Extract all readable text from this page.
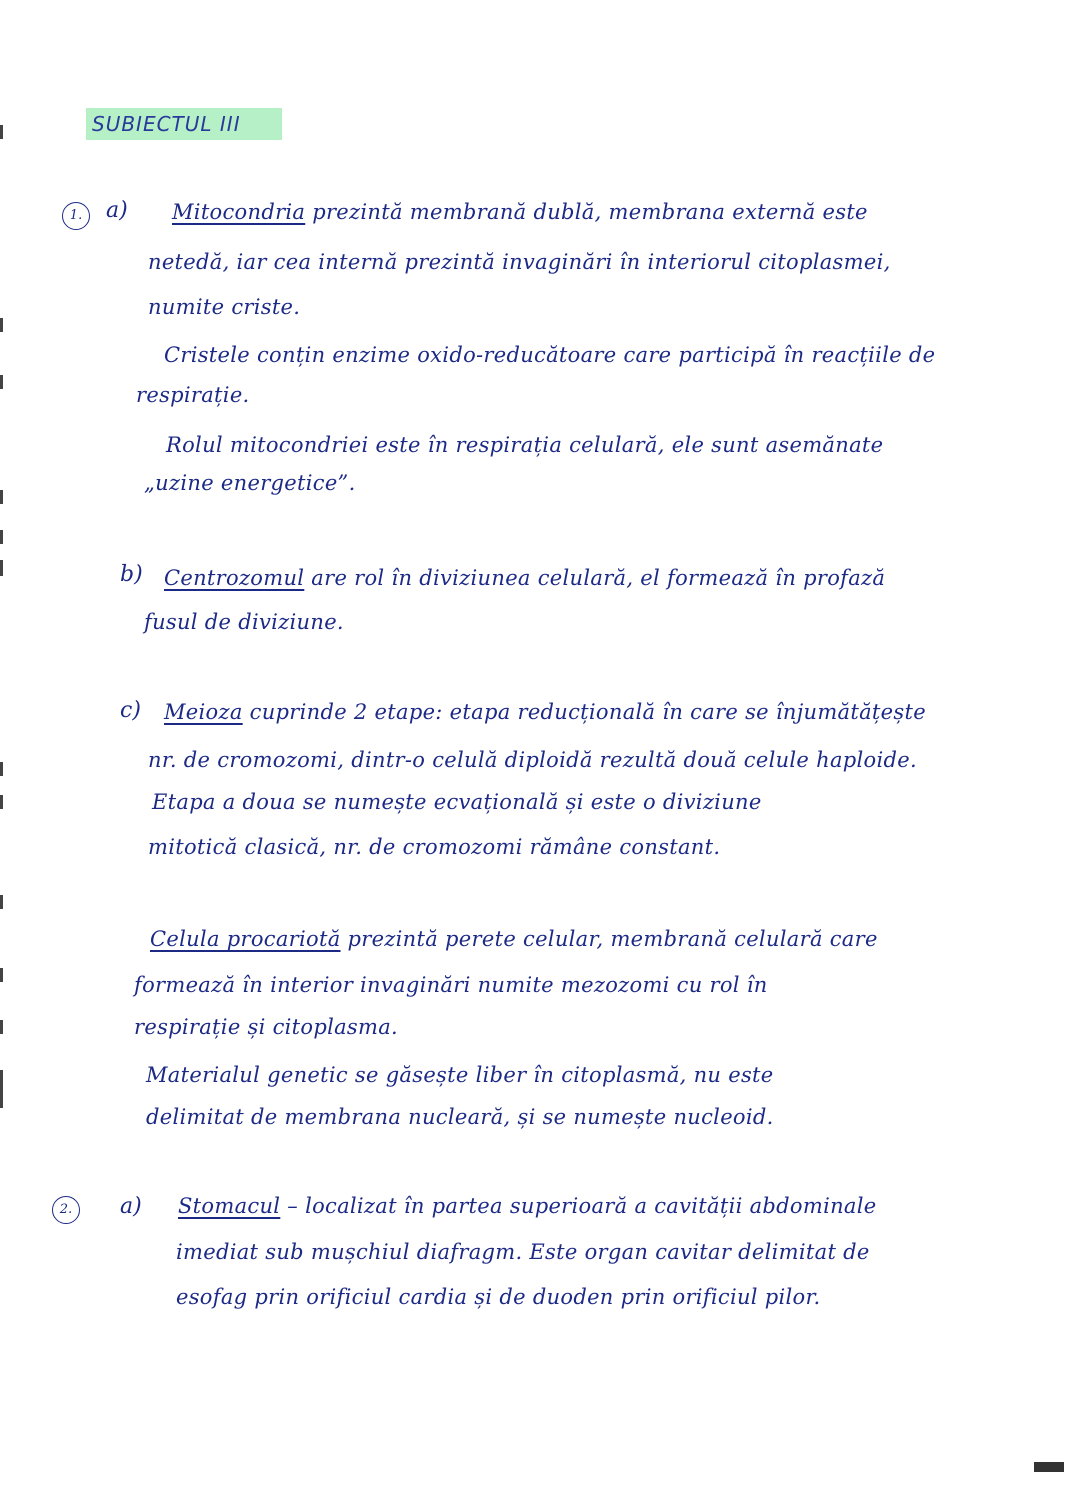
SUBIECTUL III
1.	a) Mitocondria prezintă membrană dublă, membrana externă este
netedă, iar cea internă prezintă invaginări în interiorul citoplasmei,
numite criste.
Cristele conțin enzime oxido-reducătoare care participă în reacțiile de
respirație.
Rolul mitocondriei este în respirația celulară, ele sunt asemănate
„uzine energetice”.
b) Centrozomul are rol în diviziunea celulară, el formează în profază
fusul de diviziune.
c) Meioza cuprinde 2 etape: etapa reducțională în care se înjumătățește
nr. de cromozomi, dintr-o celulă diploidă rezultă două celule haploide.
Etapa a doua se numește ecvațională și este o diviziune
mitotică clasică, nr. de cromozomi rămâne constant.
Celula procariotă prezintă perete celular, membrană celulară care
formează în interior invaginări numite mezozomi cu rol în
respirație și citoplasma.
Materialul genetic se găsește liber în citoplasmă, nu este
delimitat de membrana nucleară, și se numește nucleoid.
2.	a) Stomacul – localizat în partea superioară a cavității abdominale
imediat sub mușchiul diafragm. Este organ cavitar delimitat de
esofag prin orificiul cardia și de duoden prin orificiul pilor.
